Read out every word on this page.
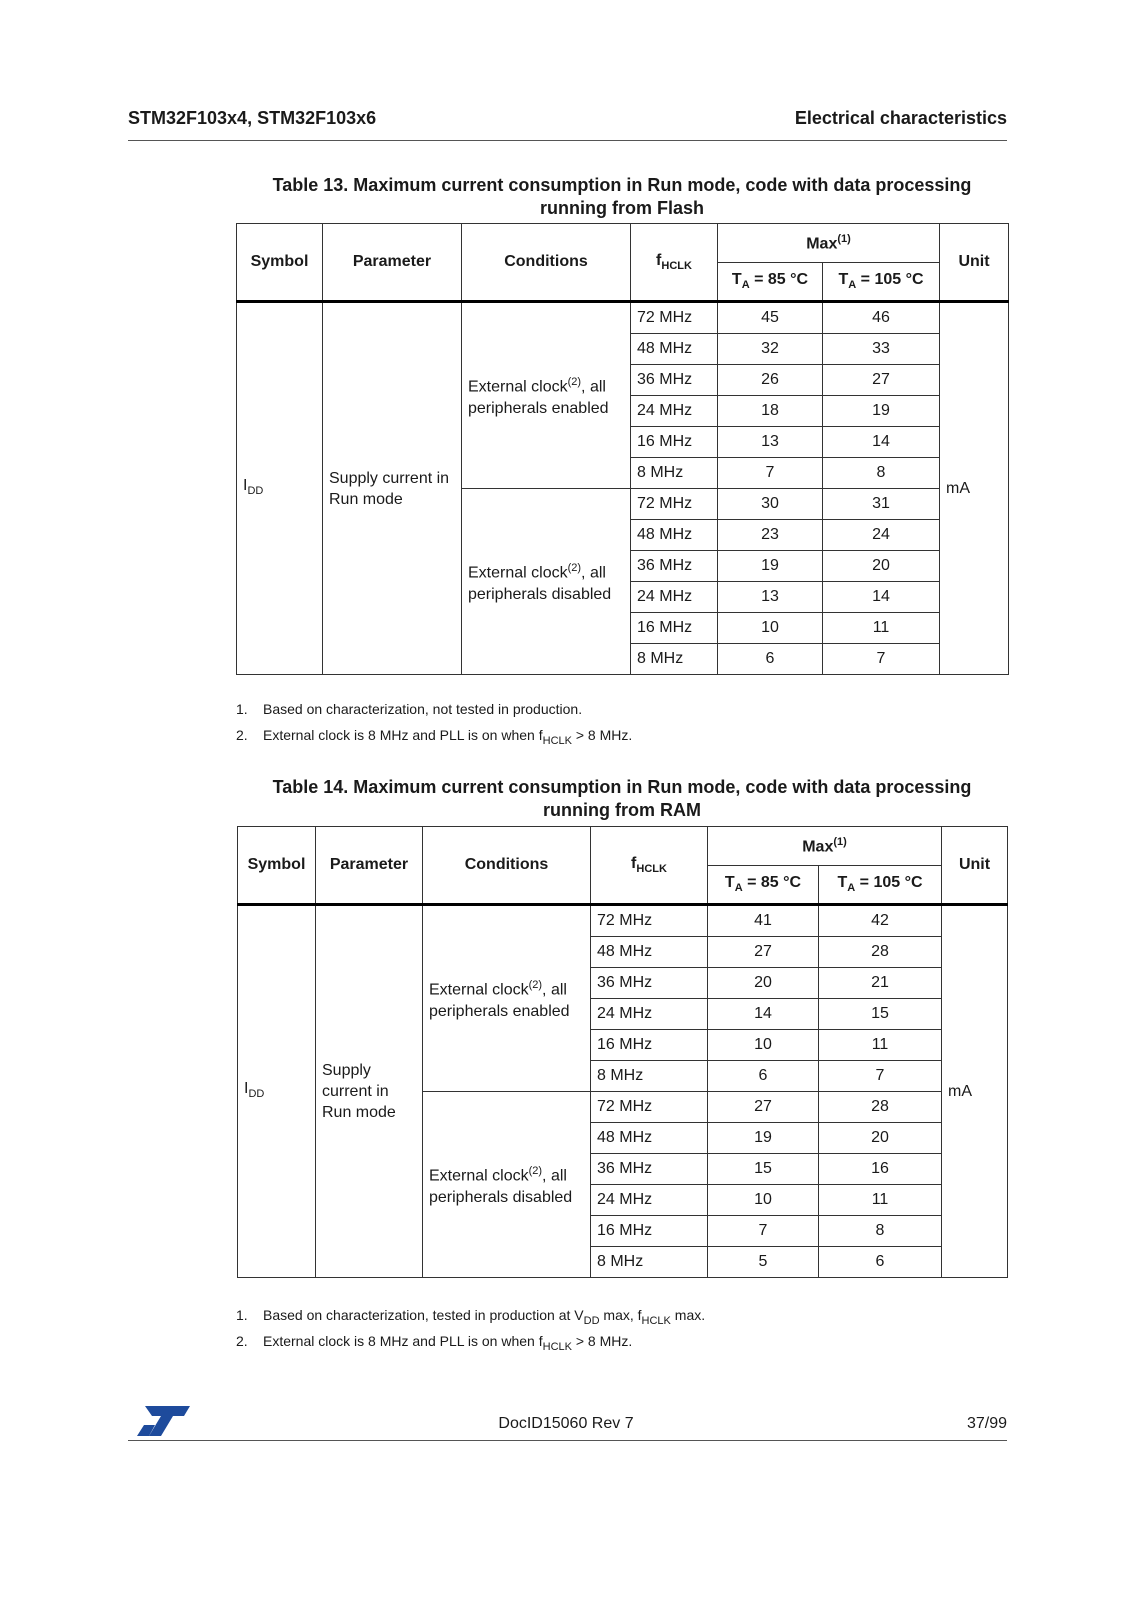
STM32F103x4, STM32F103x6	Electrical characteristics
Table 13. Maximum current consumption in Run mode, code with data processing
running from Flash
Symbol	Parameter	Conditions	$f_{HCLK}$	Max$^{(1)}$		Unit
				$T_A = 85$ °C	$T_A = 105$ °C	
$I_{DD}$	Supply current in Run mode	External clock$^{(2)}$, all peripherals enabled	72 MHz	45	46	mA
			48 MHz	32	33	
			36 MHz	26	27	
			24 MHz	18	19	
			16 MHz	13	14	
			8 MHz	7	8	
		External clock$^{(2)}$, all peripherals disabled	72 MHz	30	31	
			48 MHz	23	24	
			36 MHz	19	20	
			24 MHz	13	14	
			16 MHz	10	11	
			8 MHz	6	7	
1. Based on characterization, not tested in production.
2. External clock is 8 MHz and PLL is on when $f_{HCLK} > 8$ MHz.
Table 14. Maximum current consumption in Run mode, code with data processing
running from RAM
Symbol	Parameter	Conditions	$f_{HCLK}$	Max$^{(1)}$		Unit
				$T_A = 85$ °C	$T_A = 105$ °C	
$I_{DD}$	Supply current in Run mode	External clock$^{(2)}$, all peripherals enabled	72 MHz	41	42	mA
			48 MHz	27	28	
			36 MHz	20	21	
			24 MHz	14	15	
			16 MHz	10	11	
			8 MHz	6	7	
		External clock$^{(2)}$, all peripherals disabled	72 MHz	27	28	
			48 MHz	19	20	
			36 MHz	15	16	
			24 MHz	10	11	
			16 MHz	7	8	
			8 MHz	5	6	
1. Based on characterization, tested in production at $V_{DD}$ max, $f_{HCLK}$ max.
2. External clock is 8 MHz and PLL is on when $f_{HCLK} > 8$ MHz.
DocID15060 Rev 7	37/99
